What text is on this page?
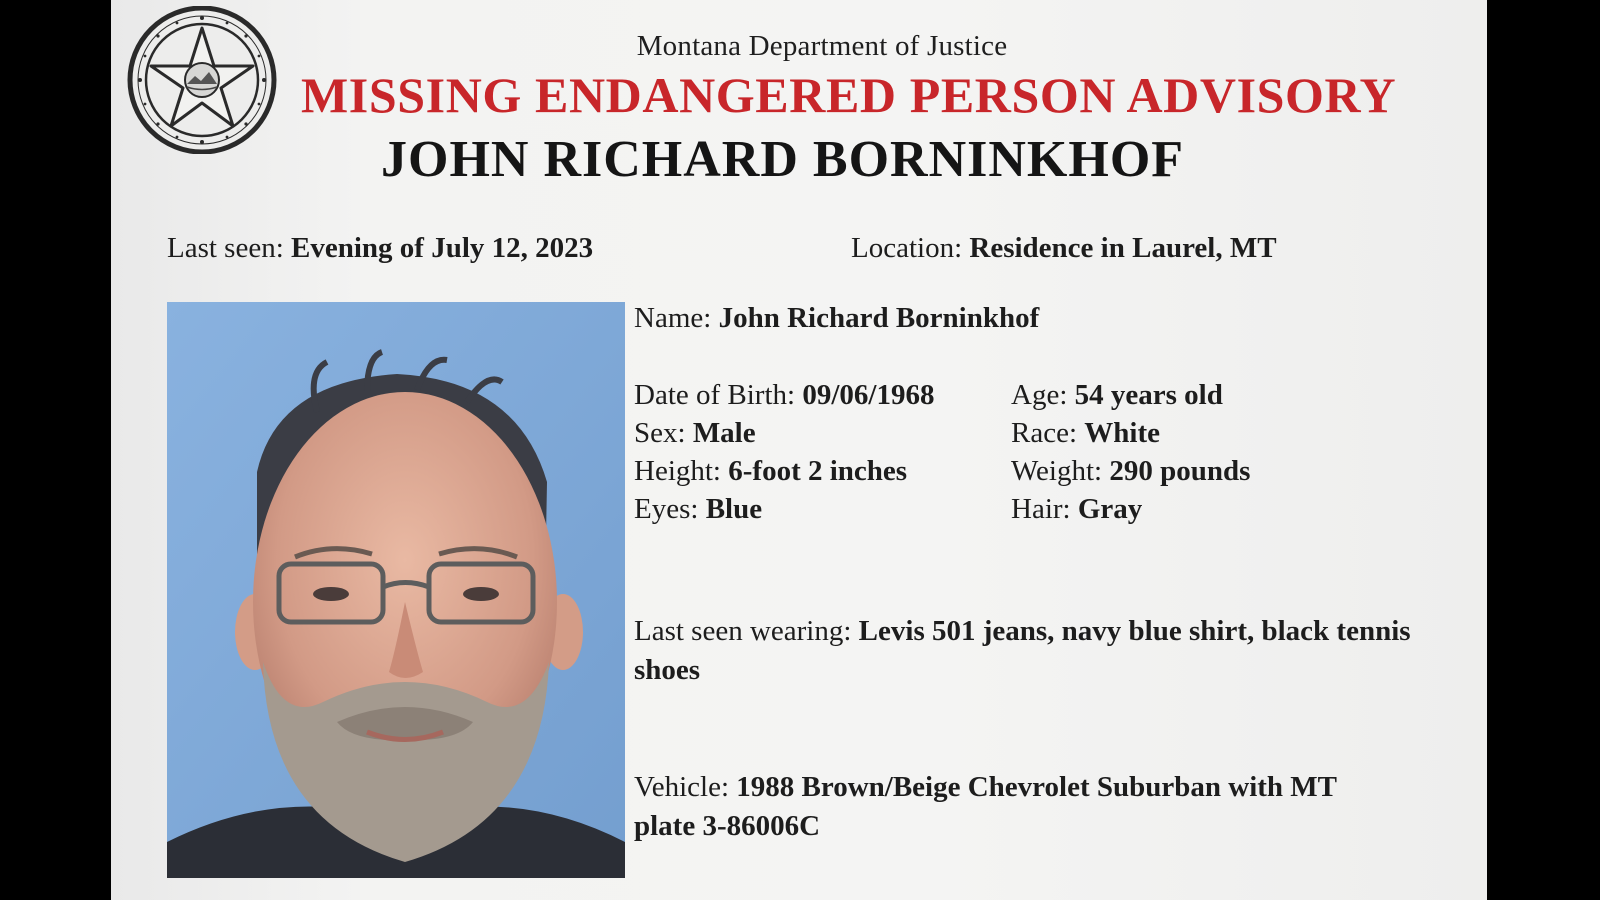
Montana Department of Justice
MISSING ENDANGERED PERSON ADVISORY
JOHN RICHARD BORNINKHOF
Last seen: Evening of July 12, 2023	Location: Residence in Laurel, MT
Name: John Richard Borninkhof
Date of Birth: 09/06/1968	Age: 54 years old
Sex: Male	Race: White
Height: 6-foot 2 inches	Weight: 290 pounds
Eyes: Blue	Hair: Gray
Last seen wearing: Levis 501 jeans, navy blue shirt, black tennis shoes
Vehicle: 1988 Brown/Beige Chevrolet Suburban with MT plate 3-86006C
